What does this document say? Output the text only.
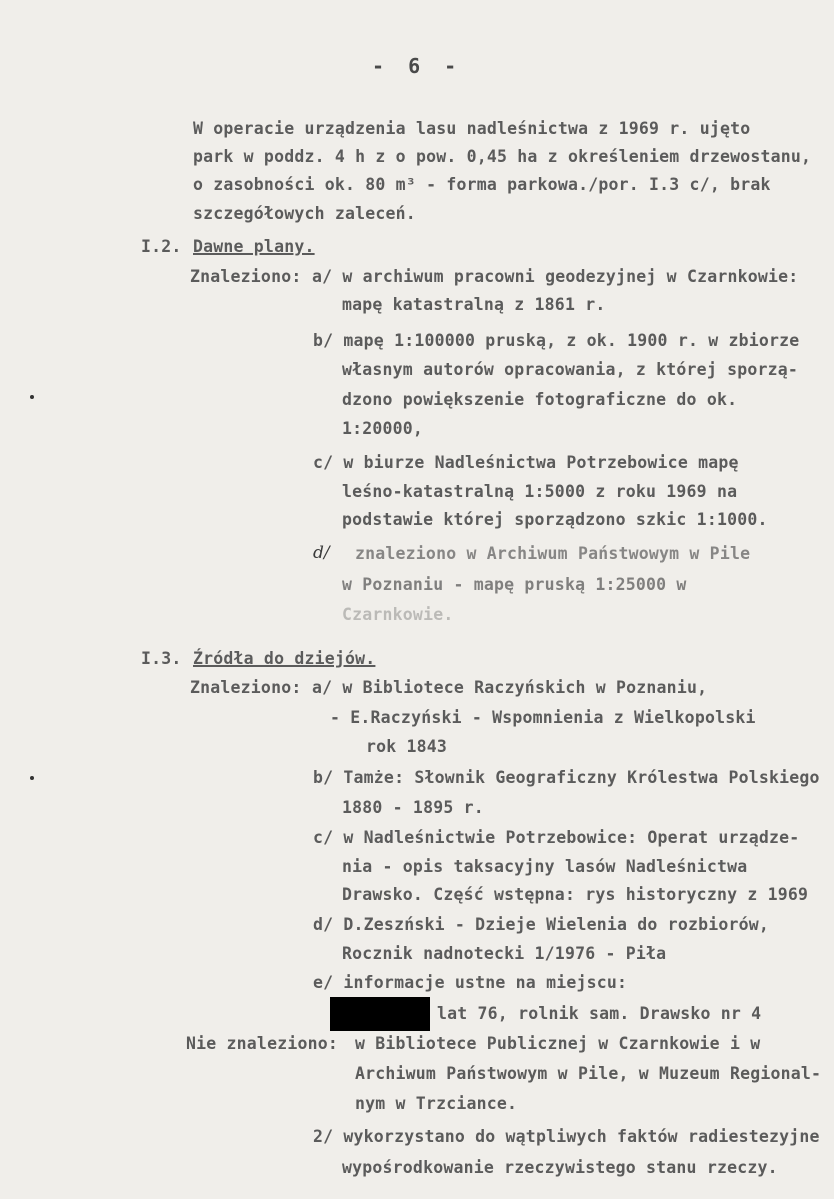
- 6 -
W operacie urządzenia lasu nadleśnictwa z 1969 r. ujęto
park w poddz. 4 h z o pow. 0,45 ha z określeniem drzewostanu,
o zasobności ok. 80 m³ - forma parkowa./por. I.3 c/, brak
szczegółowych zaleceń.
I.2. Dawne plany.
Znaleziono: a/ w archiwum pracowni geodezyjnej w Czarnkowie:
mapę katastralną z 1861 r.
b/ mapę 1:100000 pruską, z ok. 1900 r. w zbiorze
własnym autorów opracowania, z której sporzą-
dzono powiększenie fotograficzne do ok.
1:20000,
c/ w biurze Nadleśnictwa Potrzebowice mapę
leśno-katastralną 1:5000 z roku 1969 na
podstawie której sporządzono szkic 1:1000.
d/ znaleziono w Archiwum Państwowym w Pile
w Poznaniu - mapę pruską 1:25000 w
Czarnkowie.
I.3. Źródła do dziejów.
Znaleziono: a/ w Bibliotece Raczyńskich w Poznaniu,
- E.Raczyński - Wspomnienia z Wielkopolski
rok 1843
b/ Tamże: Słownik Geograficzny Królestwa Polskiego
1880 - 1895 r.
c/ w Nadleśnictwie Potrzebowice: Operat urządze-
nia - opis taksacyjny lasów Nadleśnictwa
Drawsko. Część wstępna: rys historyczny z 1969
d/ D.Zeszński - Dzieje Wielenia do rozbiorów,
Rocznik nadnotecki 1/1976 - Piła
e/ informacje ustne na miejscu:
lat 76, rolnik sam. Drawsko nr 4
Nie znaleziono: w Bibliotece Publicznej w Czarnkowie i w
Archiwum Państwowym w Pile, w Muzeum Regional-
nym w Trzciance.
2/ wykorzystano do wątpliwych faktów radiestezyjne
wypośrodkowanie rzeczywistego stanu rzeczy.
